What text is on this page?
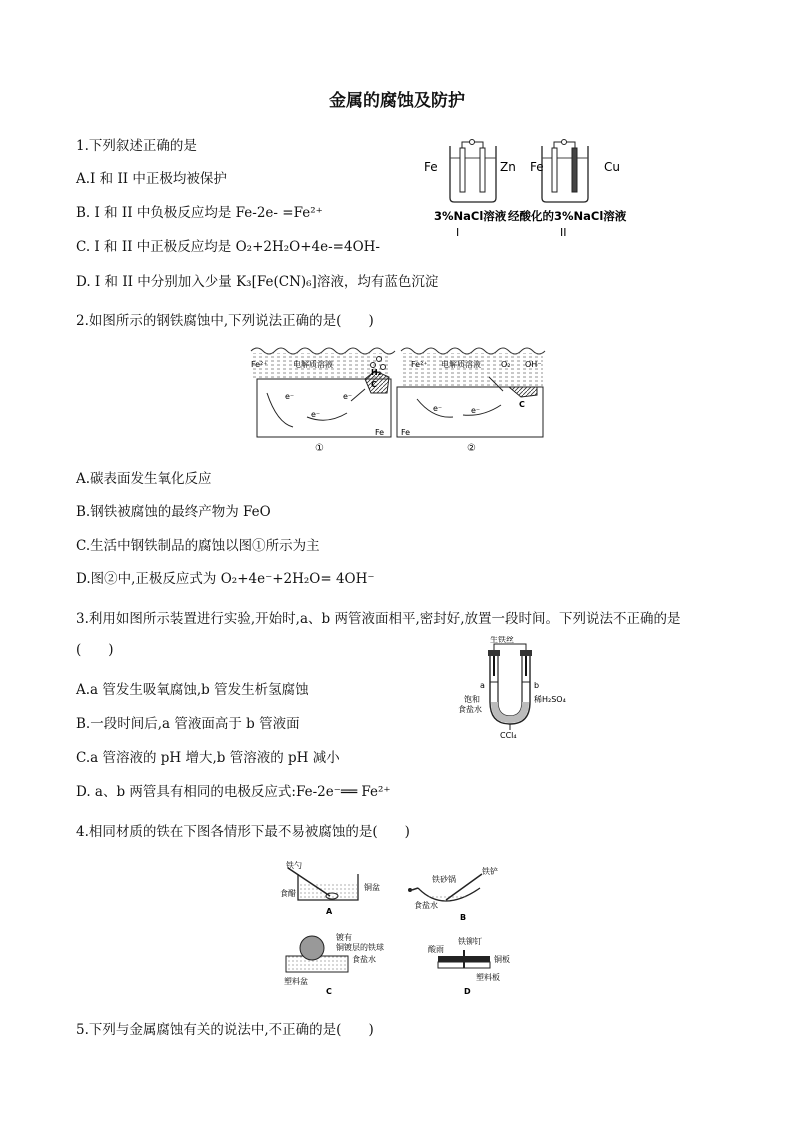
金属的腐蚀及防护
1.下列叙述正确的是
A.I 和 II 中正极均被保护
B. I 和 II 中负极反应均是 Fe-2e- =Fe²⁺
C. I 和 II 中正极反应均是 O₂+2H₂O+4e-=4OH-
D. I 和 II 中分别加入少量 K₃[Fe(CN)₆]溶液，均有蓝色沉淀
Fe	Zn Fe	Cu
3%NaCl溶液 经酸化的3%NaCl溶液
I	II
2.如图所示的钢铁腐蚀中,下列说法正确的是(　　)
Fe²⁺	电解质溶液
H₂
C
e⁻
e⁻
e⁻
Fe
Fe²⁺ 电解质溶液	O₂ OH⁻
C
e⁻	e⁻
Fe
①	②
A.碳表面发生氧化反应
B.钢铁被腐蚀的最终产物为 FeO
C.生活中钢铁制品的腐蚀以图①所示为主
D.图②中,正极反应式为 O₂+4e⁻+2H₂O= 4OH⁻
3.利用如图所示装置进行实验,开始时,a、b 两管液面相平,密封好,放置一段时间。下列说法不正确的是
(　　)
A.a 管发生吸氧腐蚀,b 管发生析氢腐蚀
B.一段时间后,a 管液面高于 b 管液面
C.a 管溶液的 pH 增大,b 管溶液的 pH 减小
D. a、b 两管具有相同的电极反应式:Fe-2e⁻══ Fe²⁺
生铁丝
a	b
饱和
食盐水
稀H₂SO₄
CCl₄
4.相同材质的铁在下图各情形下最不易被腐蚀的是(　　)
铁勺
食醋
铜盆
A
铁砂锅
铁铲
食盐水
B
镀有
铜镀层的铁球
食盐水
塑料盆
C
酸雨
铁铆钉
铜板
塑料板
D
5.下列与金属腐蚀有关的说法中,不正确的是(　　)
